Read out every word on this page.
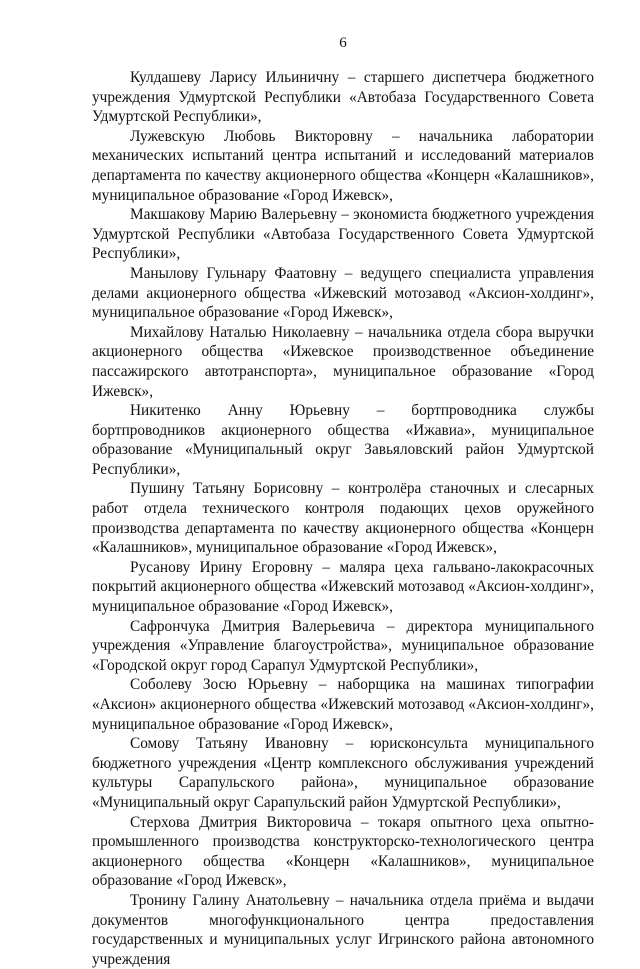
6

Кулдашеву Ларису Ильиничну – старшего диспетчера бюджетного учреждения Удмуртской Республики «Автобаза Государственного Совета Удмуртской Республики»,

Лужевскую Любовь Викторовну – начальника лаборатории механических испытаний центра испытаний и исследований материалов департамента по качеству акционерного общества «Концерн «Калашников», муниципальное образование «Город Ижевск»,

Макшакову Марию Валерьевну – экономиста бюджетного учреждения Удмуртской Республики «Автобаза Государственного Совета Удмуртской Республики»,

Манылову Гульнару Фаатовну – ведущего специалиста управления делами акционерного общества «Ижевский мотозавод «Аксион-холдинг», муниципальное образование «Город Ижевск»,

Михайлову Наталью Николаевну – начальника отдела сбора выручки акционерного общества «Ижевское производственное объединение пассажирского автотранспорта», муниципальное образование «Город Ижевск»,

Никитенко Анну Юрьевну – бортпроводника службы бортпроводников акционерного общества «Ижавиа», муниципальное образование «Муниципальный округ Завьяловский район Удмуртской Республики»,

Пушину Татьяну Борисовну – контролёра станочных и слесарных работ отдела технического контроля подающих цехов оружейного производства департамента по качеству акционерного общества «Концерн «Калашников», муниципальное образование «Город Ижевск»,

Русанову Ирину Егоровну – маляра цеха гальвано-лакокрасочных покрытий акционерного общества «Ижевский мотозавод «Аксион-холдинг», муниципальное образование «Город Ижевск»,

Сафрончука Дмитрия Валерьевича – директора муниципального учреждения «Управление благоустройства», муниципальное образование «Городской округ город Сарапул Удмуртской Республики»,

Соболеву Зосю Юрьевну – наборщика на машинах типографии «Аксион» акционерного общества «Ижевский мотозавод «Аксион-холдинг», муниципальное образование «Город Ижевск»,

Сомову Татьяну Ивановну – юрисконсульта муниципального бюджетного учреждения «Центр комплексного обслуживания учреждений культуры Сарапульского района», муниципальное образование «Муниципальный округ Сарапульский район Удмуртской Республики»,

Стерхова Дмитрия Викторовича – токаря опытного цеха опытно-промышленного производства конструкторско-технологического центра акционерного общества «Концерн «Калашников», муниципальное образование «Город Ижевск»,

Тронину Галину Анатольевну – начальника отдела приёма и выдачи документов многофункционального центра предоставления государственных и муниципальных услуг Игринского района автономного учреждения
